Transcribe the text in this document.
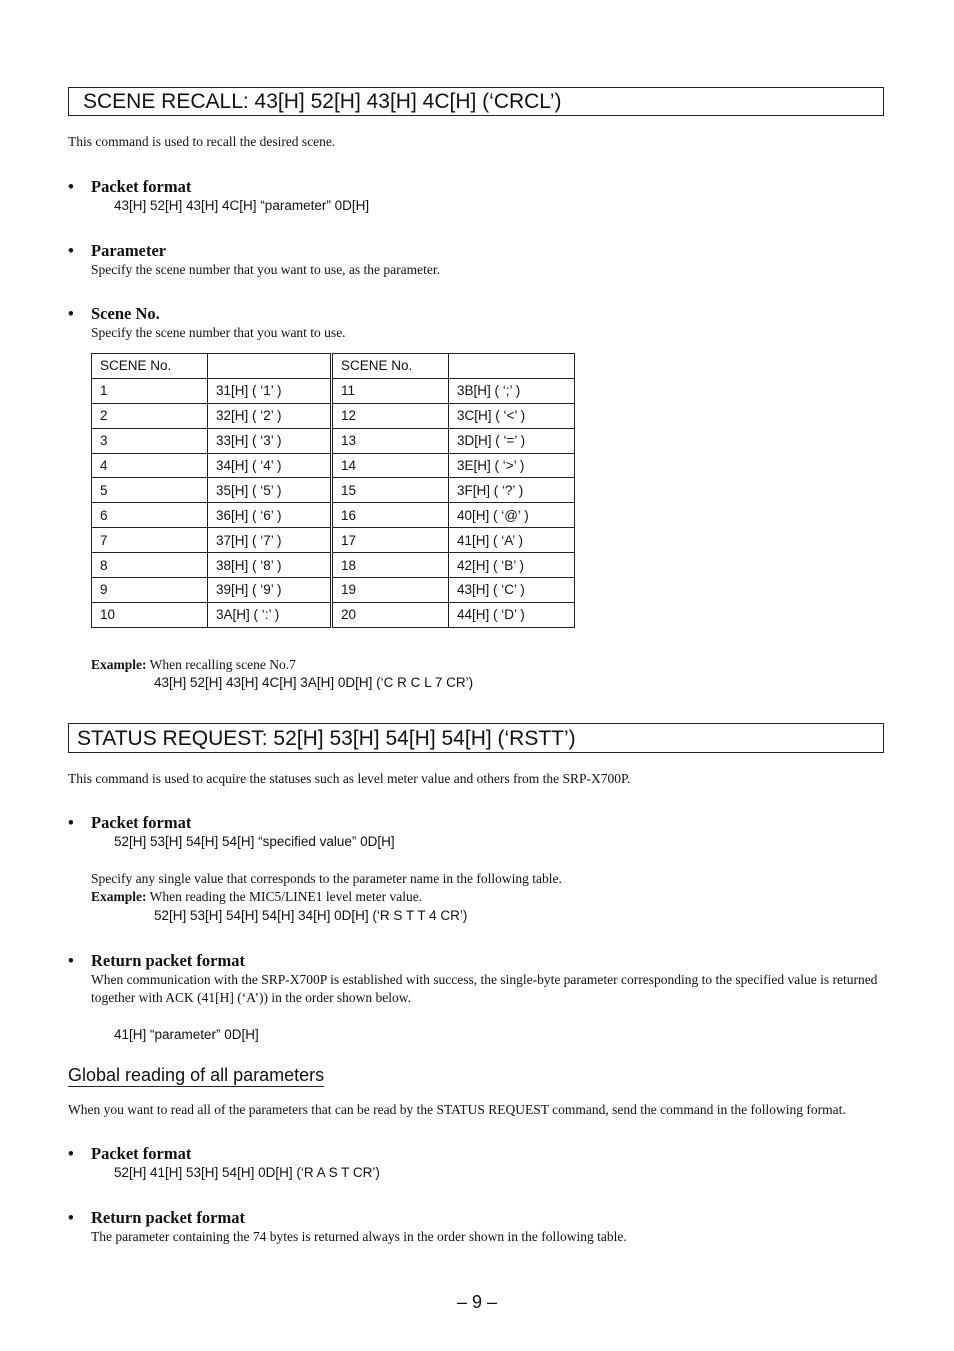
SCENE RECALL: 43[H] 52[H] 43[H] 4C[H] (‘CRCL’)
This command is used to recall the desired scene.
• Packet format
43[H] 52[H] 43[H] 4C[H] “parameter” 0D[H]
• Parameter
Specify the scene number that you want to use, as the parameter.
• Scene No.
Specify the scene number that you want to use.
SCENE No.		SCENE No.	
1	31[H] ( ‘1’ )	11	3B[H] ( ‘;’ )
2	32[H] ( ‘2’ )	12	3C[H] ( ‘<’ )
3	33[H] ( ‘3’ )	13	3D[H] ( ‘=’ )
4	34[H] ( ‘4’ )	14	3E[H] ( ‘>’ )
5	35[H] ( ‘5’ )	15	3F[H] ( ‘?’ )
6	36[H] ( ‘6’ )	16	40[H] ( ‘@’ )
7	37[H] ( ‘7’ )	17	41[H] ( ‘A’ )
8	38[H] ( ‘8’ )	18	42[H] ( ‘B’ )
9	39[H] ( ‘9’ )	19	43[H] ( ‘C’ )
10	3A[H] ( ‘:’ )	20	44[H] ( ‘D’ )
Example: When recalling scene No.7
43[H] 52[H] 43[H] 4C[H] 3A[H] 0D[H] (‘C R C L 7 CR’)
STATUS REQUEST: 52[H] 53[H] 54[H] 54[H] (‘RSTT’)
This command is used to acquire the statuses such as level meter value and others from the SRP-X700P.
• Packet format
52[H] 53[H] 54[H] 54[H] “specified value” 0D[H]
Specify any single value that corresponds to the parameter name in the following table.
Example: When reading the MIC5/LINE1 level meter value.
52[H] 53[H] 54[H] 54[H] 34[H] 0D[H] (‘R S T T 4 CR’)
• Return packet format
When communication with the SRP-X700P is established with success, the single-byte parameter corresponding to the specified value is returned together with ACK (41[H] (‘A’)) in the order shown below.
41[H] “parameter” 0D[H]
Global reading of all parameters
When you want to read all of the parameters that can be read by the STATUS REQUEST command, send the command in the following format.
• Packet format
52[H] 41[H] 53[H] 54[H] 0D[H] (‘R A S T CR’)
• Return packet format
The parameter containing the 74 bytes is returned always in the order shown in the following table.
– 9 –
